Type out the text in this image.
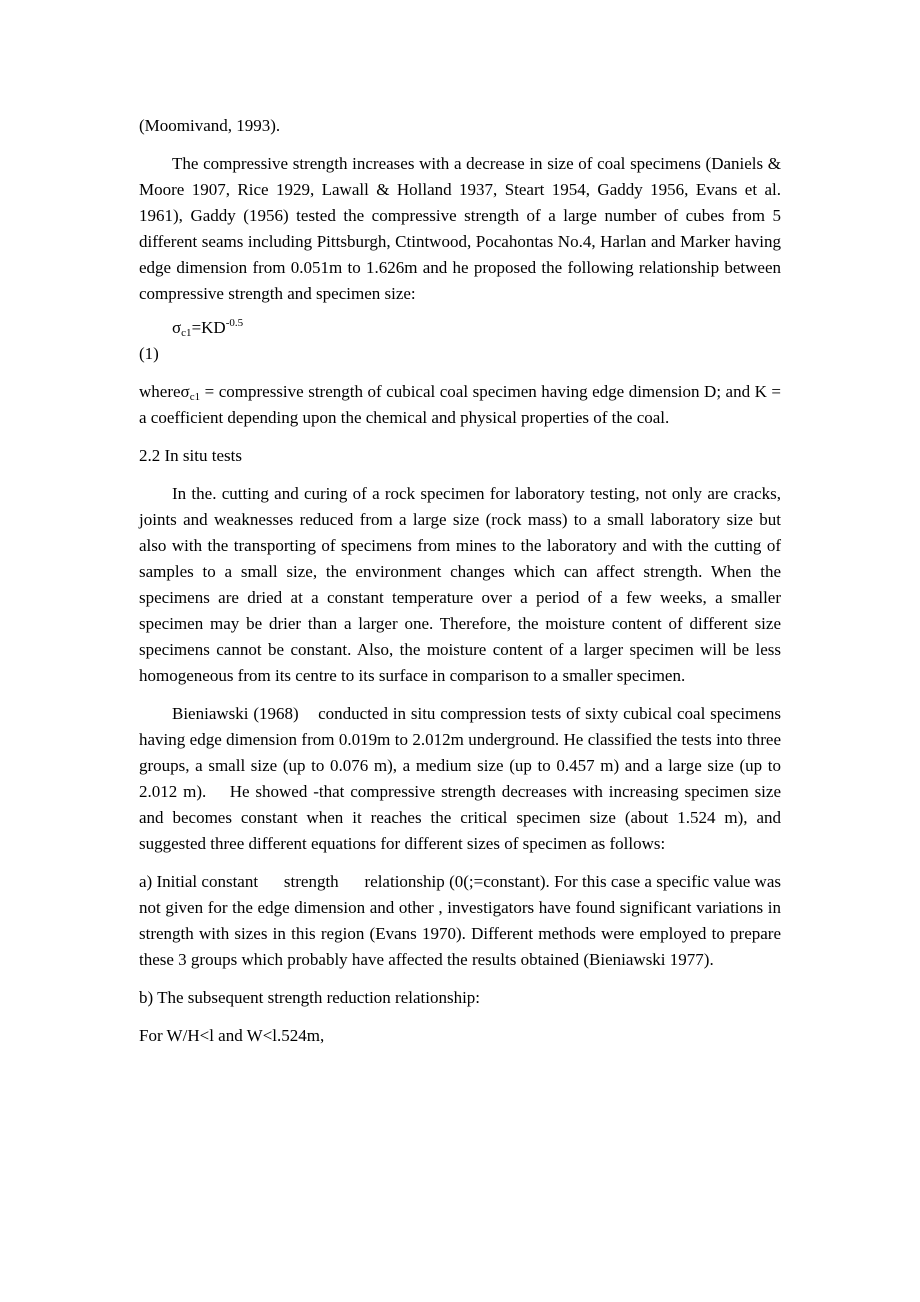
(Moomivand, 1993).

The compressive strength increases with a decrease in size of coal specimens (Daniels & Moore 1907, Rice 1929, Lawall & Holland 1937, Steart 1954, Gaddy 1956, Evans et al. 1961), Gaddy (1956) tested the compressive strength of a large number of cubes from 5 different seams including Pittsburgh, Ctintwood, Pocahontas No.4, Harlan and Marker having edge dimension from 0.051m to 1.626m and he proposed the following relationship between compressive strength and specimen size:

$\sigma_{c1}=KD^{-0.5}$

(1)

whereσ$_{c1}$ = compressive strength of cubical coal specimen having edge dimension D; and K = a coefficient depending upon the chemical and physical properties of the coal.

2.2 In situ tests

In the. cutting and curing of a rock specimen for laboratory testing, not only are cracks, joints and weaknesses reduced from a large size (rock mass) to a small laboratory size but also with the transporting of specimens from mines to the laboratory and with the cutting of samples to a small size, the environment changes which can affect strength. When the specimens are dried at a constant temperature over a period of a few weeks, a smaller specimen may be drier than a larger one. Therefore, the moisture content of different size specimens cannot be constant. Also, the moisture content of a larger specimen will be less homogeneous from its centre to its surface in comparison to a smaller specimen.

Bieniawski (1968)    conducted in situ compression tests of sixty cubical coal specimens having edge dimension from 0.019m to 2.012m underground. He classified the tests into three groups, a small size (up to 0.076 m), a medium size (up to 0.457 m) and a large size (up to 2.012 m).    He showed -that compressive strength decreases with increasing specimen size and becomes constant when it reaches the critical specimen size (about 1.524 m), and suggested three different equations for different sizes of specimen as follows:

a) Initial constant      strength      relationship (0(;=constant). For this case a specific value was not given for the edge dimension and other , investigators have found significant variations in strength with sizes in this region (Evans 1970). Different methods were employed to prepare these 3 groups which probably have affected the results obtained (Bieniawski 1977).

b) The subsequent strength reduction relationship:

For W/H<l and W<l.524m,
